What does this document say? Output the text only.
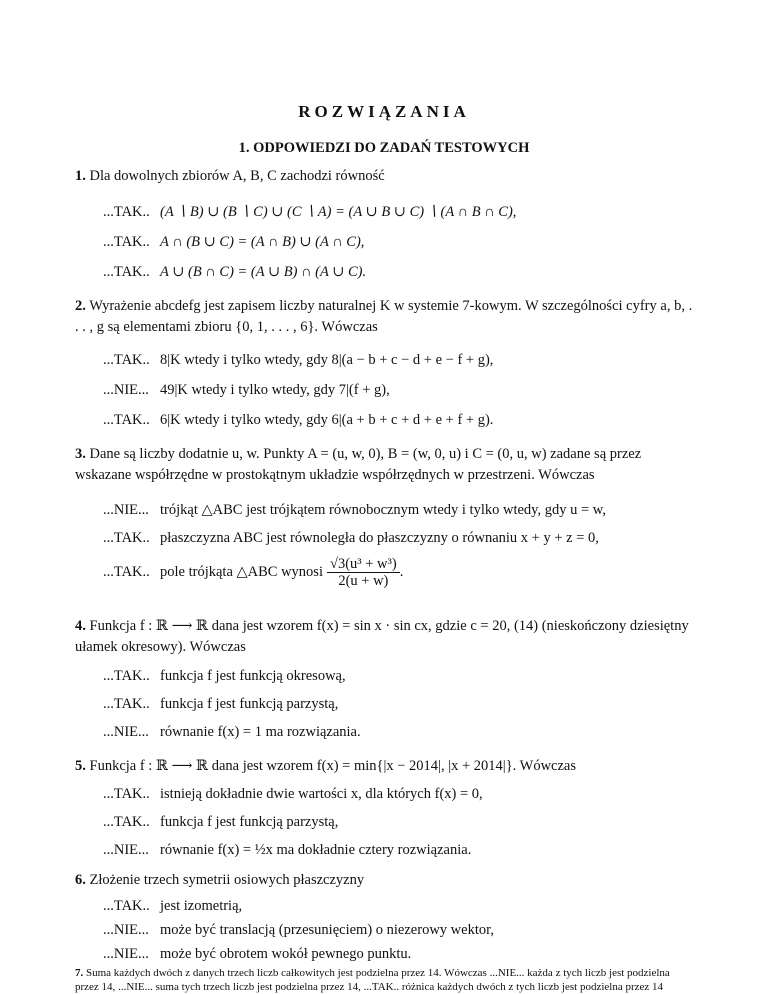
ROZWIĄZANIA
1. ODPOWIEDZI DO ZADAŃ TESTOWYCH
1. Dla dowolnych zbiorów A, B, C zachodzi równość
...TAK.. (A ∖ B) ∪ (B ∖ C) ∪ (C ∖ A) = (A ∪ B ∪ C) ∖ (A ∩ B ∩ C),
...TAK.. A ∩ (B ∪ C) = (A ∩ B) ∪ (A ∩ C),
...TAK.. A ∪ (B ∩ C) = (A ∪ B) ∩ (A ∪ C).
2. Wyrażenie abcdefg jest zapisem liczby naturalnej K w systemie 7-kowym. W szczególności cyfry a, b, . . . , g są elementami zbioru {0, 1, . . . , 6}. Wówczas
...TAK.. 8|K wtedy i tylko wtedy, gdy 8|(a − b + c − d + e − f + g),
...NIE... 49|K wtedy i tylko wtedy, gdy 7|(f + g),
...TAK.. 6|K wtedy i tylko wtedy, gdy 6|(a + b + c + d + e + f + g).
3. Dane są liczby dodatnie u, w. Punkty A = (u, w, 0), B = (w, 0, u) i C = (0, u, w) zadane są przez wskazane współrzędne w prostokątnym układzie współrzędnych w przestrzeni. Wówczas
...NIE... trójkąt △ABC jest trójkątem równobocznym wtedy i tylko wtedy, gdy u = w,
...TAK.. płaszczyzna ABC jest równoległa do płaszczyzny o równaniu x + y + z = 0,
...TAK.. pole trójkąta △ABC wynosi $\frac{\text{√3(u³ + w³)}}{2(u + w)}$ .
4. Funkcja f : ℝ ⟶ ℝ dana jest wzorem f(x) = sin x · sin cx, gdzie c = 20, (14) (nieskończony dziesiętny ułamek okresowy). Wówczas
...TAK.. funkcja f jest funkcją okresową,
...TAK.. funkcja f jest funkcją parzystą,
...NIE... równanie f(x) = 1 ma rozwiązania.
5. Funkcja f : ℝ ⟶ ℝ dana jest wzorem f(x) = min{|x − 2014|, |x + 2014|}. Wówczas
...TAK.. istnieją dokładnie dwie wartości x, dla których f(x) = 0,
...TAK.. funkcja f jest funkcją parzystą,
...NIE... równanie f(x) = ½x ma dokładnie cztery rozwiązania.
6. Złożenie trzech symetrii osiowych płaszczyzny
...TAK.. jest izometrią,
...NIE... może być translacją (przesunięciem) o niezerowy wektor,
...NIE... może być obrotem wokół pewnego punktu.
7. Suma każdych dwóch z danych trzech liczb całkowitych jest podzielna przez 14. Wówczas ...NIE... każda z tych liczb jest podzielna przez 14, ...NIE... suma tych trzech liczb jest podzielna przez 14, ...TAK.. różnica każdych dwóch z tych liczb jest podzielna przez 14
